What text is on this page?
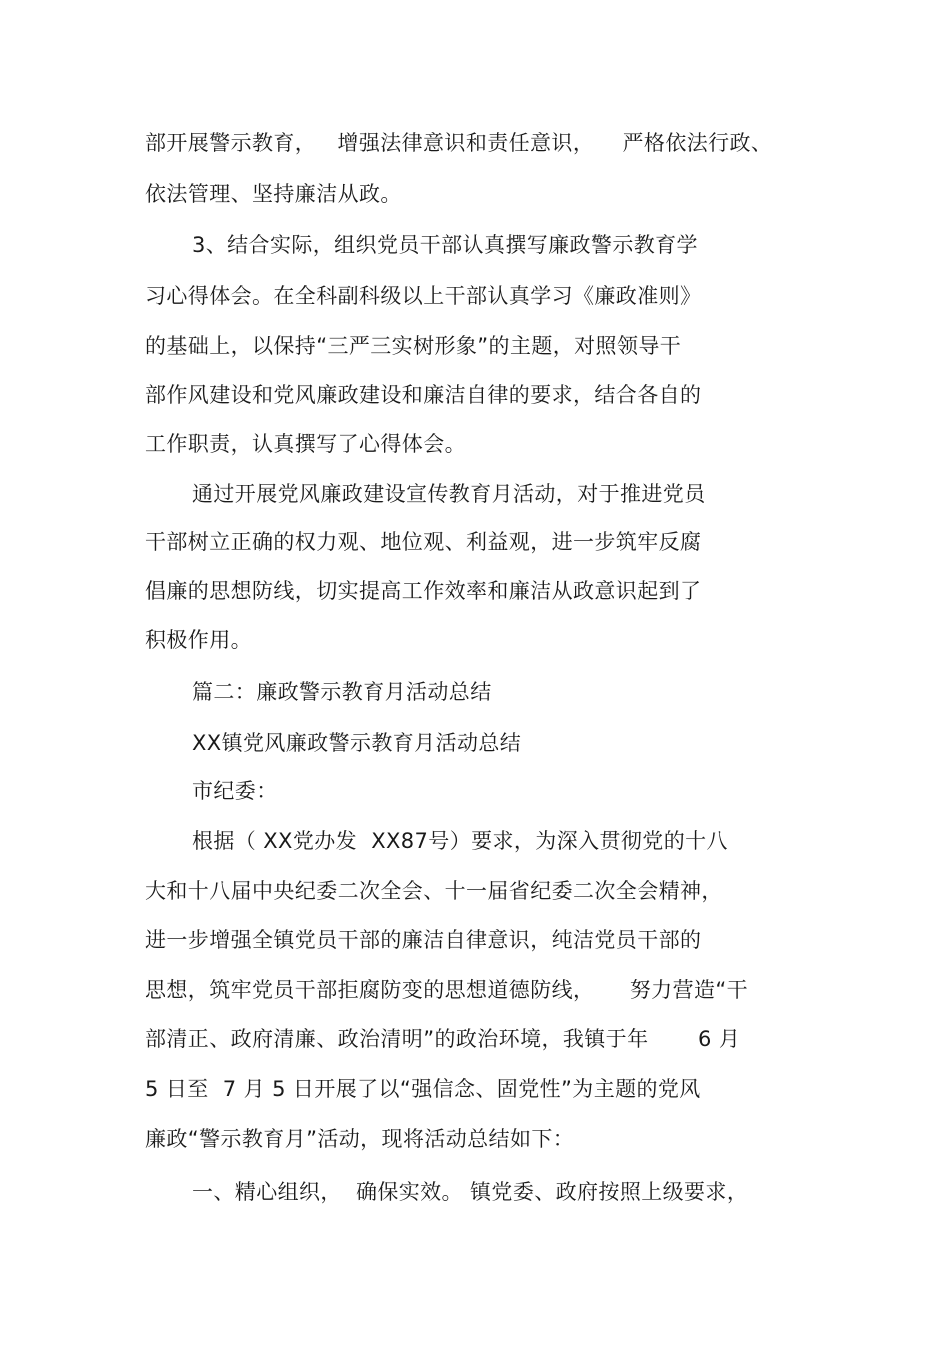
部开展警示教育，   增强法律意识和责任意识，    严格依法行政、
依法管理、坚持廉洁从政。
3、结合实际，组织党员干部认真撰写廉政警示教育学
习心得体会。在全科副科级以上干部认真学习《廉政准则》
的基础上，以保持“三严三实树形象”的主题，对照领导干
部作风建设和党风廉政建设和廉洁自律的要求，结合各自的
工作职责，认真撰写了心得体会。
通过开展党风廉政建设宣传教育月活动，对于推进党员
干部树立正确的权力观、地位观、利益观，进一步筑牢反腐
倡廉的思想防线，切实提高工作效率和廉洁从政意识起到了
积极作用。
篇二：廉政警示教育月活动总结
XX镇党风廉政警示教育月活动总结
市纪委：
根据（ XX党办发  XX87号）要求，为深入贯彻党的十八
大和十八届中央纪委二次全会、十一届省纪委二次全会精神，
进一步增强全镇党员干部的廉洁自律意识，纯洁党员干部的
思想，筑牢党员干部拒腐防变的思想道德防线，     努力营造“干
部清正、政府清廉、政治清明”的政治环境，我镇于年       6 月
5 日至  7 月 5 日开展了以“强信念、固党性”为主题的党风
廉政“警示教育月”活动，现将活动总结如下：
一、精心组织，  确保实效。 镇党委、政府按照上级要求，
